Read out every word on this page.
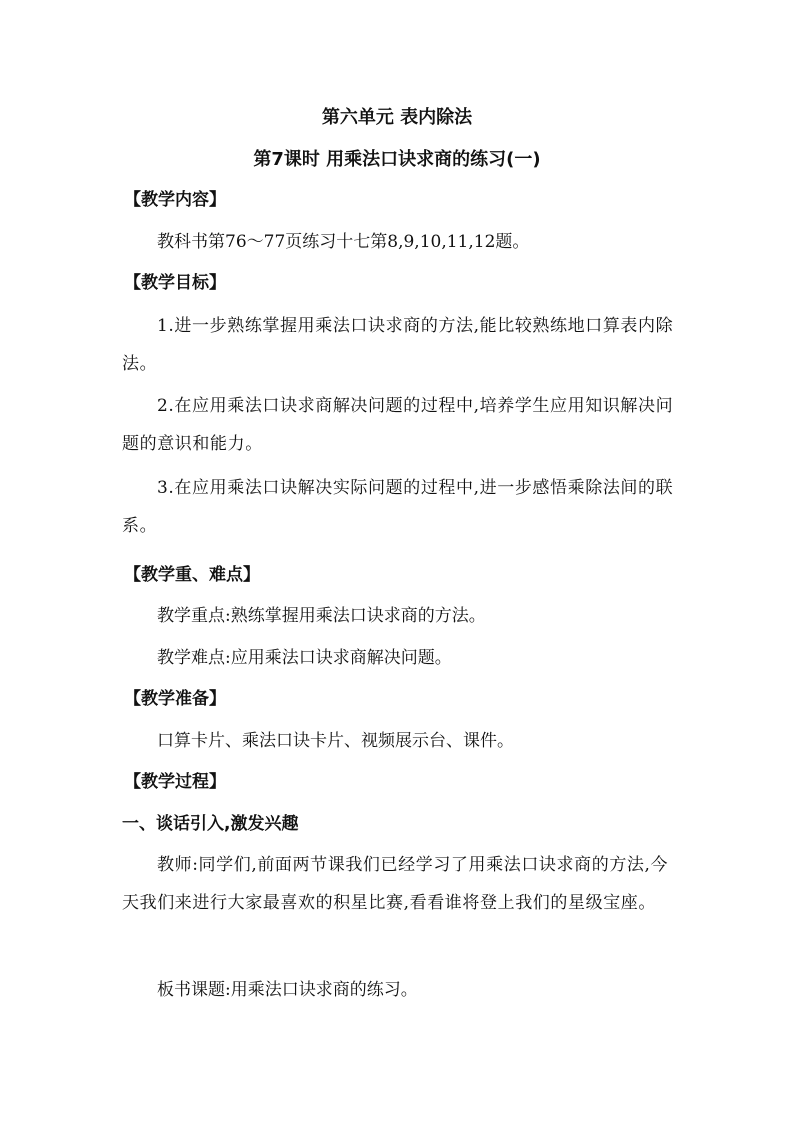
第六单元 表内除法
第7课时 用乘法口诀求商的练习(一)
【教学内容】
教科书第76～77页练习十七第8,9,10,11,12题。
【教学目标】
1.进一步熟练掌握用乘法口诀求商的方法,能比较熟练地口算表内除法。
2.在应用乘法口诀求商解决问题的过程中,培养学生应用知识解决问题的意识和能力。
3.在应用乘法口诀解决实际问题的过程中,进一步感悟乘除法间的联系。
【教学重、难点】
教学重点:熟练掌握用乘法口诀求商的方法。
教学难点:应用乘法口诀求商解决问题。
【教学准备】
口算卡片、乘法口诀卡片、视频展示台、课件。
【教学过程】
一、谈话引入,激发兴趣
教师:同学们,前面两节课我们已经学习了用乘法口诀求商的方法,今天我们来进行大家最喜欢的积星比赛,看看谁将登上我们的星级宝座。
板书课题:用乘法口诀求商的练习。
